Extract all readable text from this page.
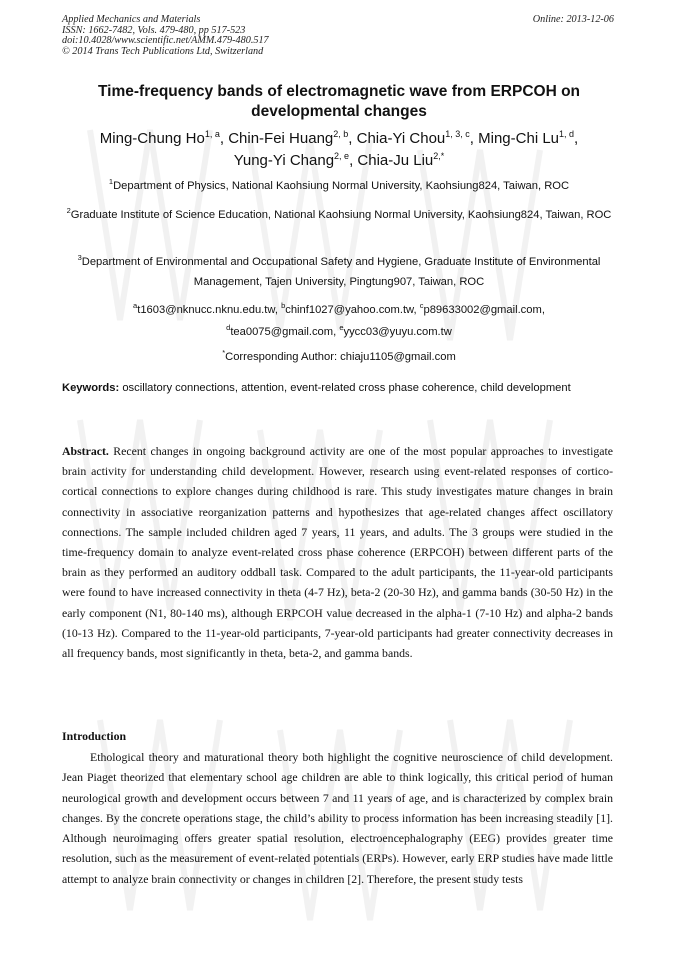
Applied Mechanics and Materials
ISSN: 1662-7482, Vols. 479-480, pp 517-523
doi:10.4028/www.scientific.net/AMM.479-480.517
© 2014 Trans Tech Publications Ltd, Switzerland
Online: 2013-12-06
Time-frequency bands of electromagnetic wave from ERPCOH on
developmental changes
Ming-Chung Ho$^{1, a}$, Chin-Fei Huang$^{2, b}$, Chia-Yi Chou$^{1, 3, c}$, Ming-Chi Lu$^{1, d}$,
Yung-Yi Chang$^{2, e}$, Chia-Ju Liu$^{2,*}$
$^1$Department of Physics, National Kaohsiung Normal University, Kaohsiung824, Taiwan, ROC
$^2$Graduate Institute of Science Education, National Kaohsiung Normal University, Kaohsiung824, Taiwan, ROC
$^3$Department of Environmental and Occupational Safety and Hygiene, Graduate Institute of Environmental Management, Tajen University, Pingtung907, Taiwan, ROC
$^a$t1603@nknucc.nknu.edu.tw, $^b$chinf1027@yahoo.com.tw, $^c$p89633002@gmail.com,
$^d$tea0075@gmail.com, $^e$yycc03@yuyu.com.tw
*Corresponding Author: chiaju1105@gmail.com
Keywords: oscillatory connections, attention, event-related cross phase coherence, child development
Abstract. Recent changes in ongoing background activity are one of the most popular approaches to investigate brain activity for understanding child development. However, research using event-related responses of cortico-cortical connections to explore changes during childhood is rare. This study investigates mature changes in brain connectivity in associative reorganization patterns and hypothesizes that age-related changes affect oscillatory connections. The sample included children aged 7 years, 11 years, and adults. The 3 groups were studied in the time-frequency domain to analyze event-related cross phase coherence (ERPCOH) between different parts of the brain as they performed an auditory oddball task. Compared to the adult participants, the 11-year-old participants were found to have increased connectivity in theta (4-7 Hz), beta-2 (20-30 Hz), and gamma bands (30-50 Hz) in the early component (N1, 80-140 ms), although ERPCOH value decreased in the alpha-1 (7-10 Hz) and alpha-2 bands (10-13 Hz). Compared to the 11-year-old participants, 7-year-old participants had greater connectivity decreases in all frequency bands, most significantly in theta, beta-2, and gamma bands.
Introduction
Ethological theory and maturational theory both highlight the cognitive neuroscience of child development. Jean Piaget theorized that elementary school age children are able to think logically, this critical period of human neurological growth and development occurs between 7 and 11 years of age, and is characterized by complex brain changes. By the concrete operations stage, the child’s ability to process information has been increasing steadily [1]. Although neuroimaging offers greater spatial resolution, electroencephalography (EEG) provides greater time resolution, such as the measurement of event-related potentials (ERPs). However, early ERP studies have made little attempt to analyze brain connectivity or changes in children [2]. Therefore, the present study tests
